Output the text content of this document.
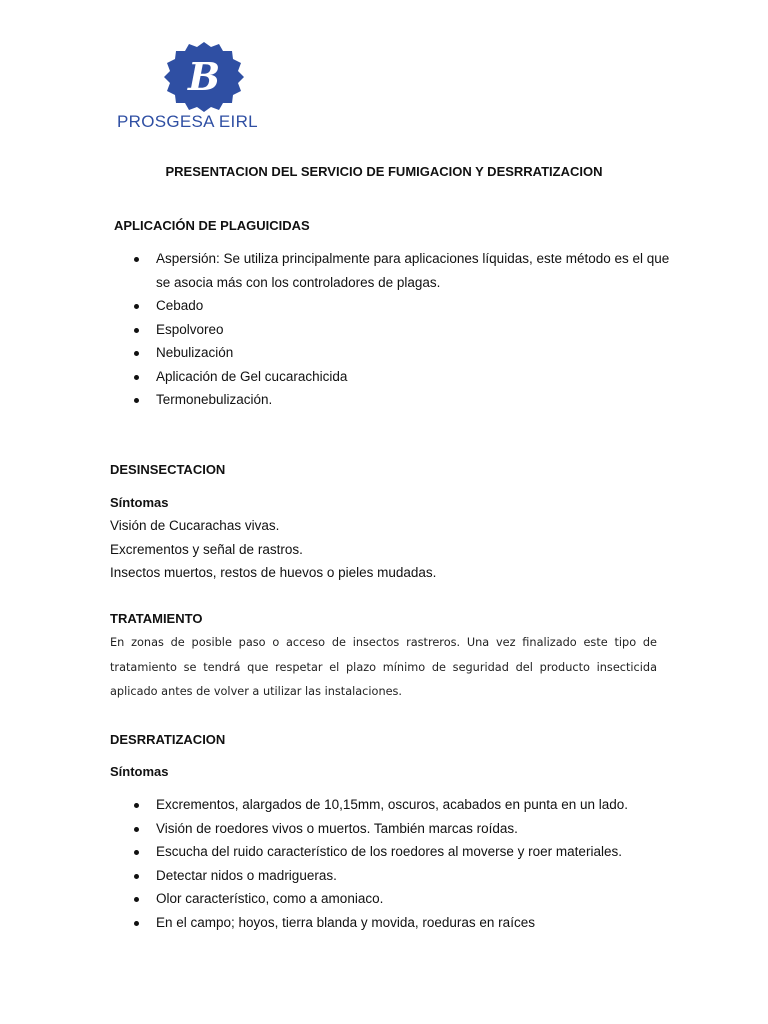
B
PROSGESA EIRL
PRESENTACION DEL SERVICIO DE FUMIGACION Y DESRRATIZACION
APLICACIÓN DE PLAGUICIDAS
Aspersión: Se utiliza principalmente para aplicaciones líquidas, este método es el que se asocia más con los controladores de plagas.
Cebado
Espolvoreo
Nebulización
Aplicación de Gel cucarachicida
Termonebulización.
DESINSECTACION
Síntomas
Visión de Cucarachas vivas.
Excrementos y señal de rastros.
Insectos muertos, restos de huevos o pieles mudadas.
TRATAMIENTO
En zonas de posible paso o acceso de insectos rastreros. Una vez finalizado este tipo de tratamiento se tendrá que respetar el plazo mínimo de seguridad del producto insecticida aplicado antes de volver a utilizar las instalaciones.
DESRRATIZACION
Síntomas
Excrementos, alargados de 10,15mm, oscuros, acabados en punta en un lado.
Visión de roedores vivos o muertos. También marcas roídas.
Escucha del ruido característico de los roedores al moverse y roer materiales.
Detectar nidos o madrigueras.
Olor característico, como a amoniaco.
En el campo; hoyos, tierra blanda y movida, roeduras en raíces
